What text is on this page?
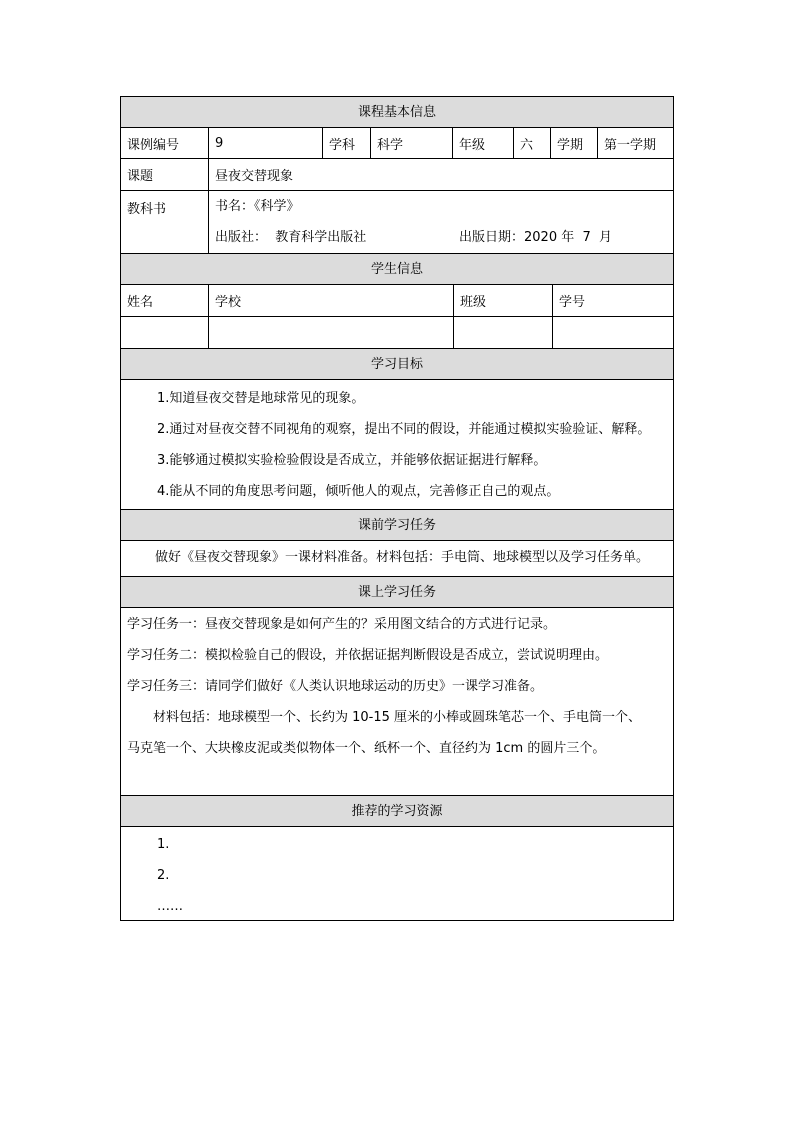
课程基本信息
课例编号	9	学科	科学	年级	六	学期	第一学期
课题	昼夜交替现象
教科书	书名：《科学》
出版社：  教育科学出版社	出版日期：2020 年  7  月
学生信息
姓名	学校	班级	学号
学习目标
1.知道昼夜交替是地球常见的现象。
2.通过对昼夜交替不同视角的观察，提出不同的假设，并能通过模拟实验验证、解释。
3.能够通过模拟实验检验假设是否成立，并能够依据证据进行解释。
4.能从不同的角度思考问题，倾听他人的观点，完善修正自己的观点。
课前学习任务
做好《昼夜交替现象》一课材料准备。材料包括：手电筒、地球模型以及学习任务单。
课上学习任务
学习任务一：昼夜交替现象是如何产生的？采用图文结合的方式进行记录。
学习任务二：模拟检验自己的假设，并依据证据判断假设是否成立，尝试说明理由。
学习任务三：请同学们做好《人类认识地球运动的历史》一课学习准备。
材料包括：地球模型一个、长约为 10-15 厘米的小棒或圆珠笔芯一个、手电筒一个、
马克笔一个、大块橡皮泥或类似物体一个、纸杯一个、直径约为 1cm 的圆片三个。
推荐的学习资源
1.
2.
……
